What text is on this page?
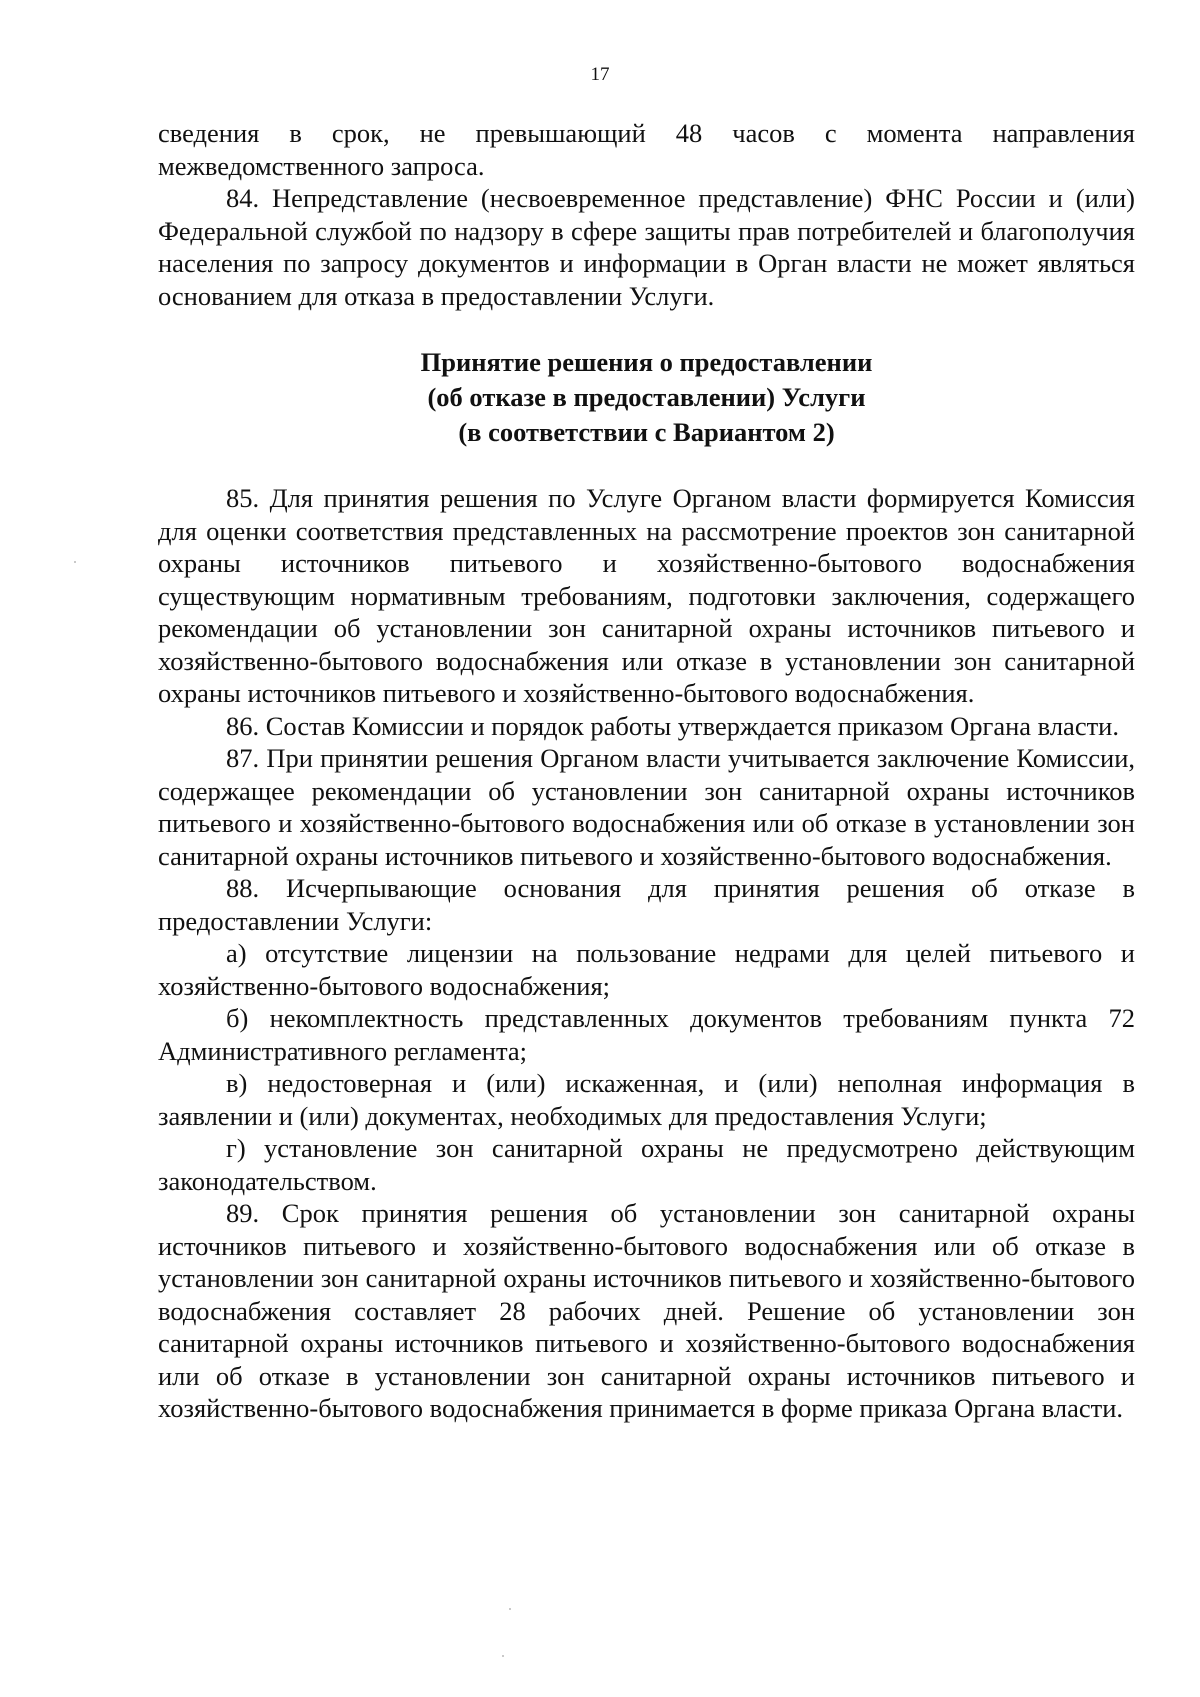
17

сведения в срок, не превышающий 48 часов с момента направления межведомственного запроса.

84. Непредставление (несвоевременное представление) ФНС России и (или) Федеральной службой по надзору в сфере защиты прав потребителей и благополучия населения по запросу документов и информации в Орган власти не может являться основанием для отказа в предоставлении Услуги.

Принятие решения о предоставлении
(об отказе в предоставлении) Услуги
(в соответствии с Вариантом 2)

85. Для принятия решения по Услуге Органом власти формируется Комиссия для оценки соответствия представленных на рассмотрение проектов зон санитарной охраны источников питьевого и хозяйственно-бытового водоснабжения существующим нормативным требованиям, подготовки заключения, содержащего рекомендации об установлении зон санитарной охраны источников питьевого и хозяйственно-бытового водоснабжения или отказе в установлении зон санитарной охраны источников питьевого и хозяйственно-бытового водоснабжения.

86. Состав Комиссии и порядок работы утверждается приказом Органа власти.

87. При принятии решения Органом власти учитывается заключение Комиссии, содержащее рекомендации об установлении зон санитарной охраны источников питьевого и хозяйственно-бытового водоснабжения или об отказе в установлении зон санитарной охраны источников питьевого и хозяйственно-бытового водоснабжения.

88. Исчерпывающие основания для принятия решения об отказе в предоставлении Услуги:

а) отсутствие лицензии на пользование недрами для целей питьевого и хозяйственно-бытового водоснабжения;

б) некомплектность представленных документов требованиям пункта 72 Административного регламента;

в) недостоверная и (или) искаженная, и (или) неполная информация в заявлении и (или) документах, необходимых для предоставления Услуги;

г) установление зон санитарной охраны не предусмотрено действующим законодательством.

89. Срок принятия решения об установлении зон санитарной охраны источников питьевого и хозяйственно-бытового водоснабжения или об отказе в установлении зон санитарной охраны источников питьевого и хозяйственно-бытового водоснабжения составляет 28 рабочих дней. Решение об установлении зон санитарной охраны источников питьевого и хозяйственно-бытового водоснабжения или об отказе в установлении зон санитарной охраны источников питьевого и хозяйственно-бытового водоснабжения принимается в форме приказа Органа власти.
